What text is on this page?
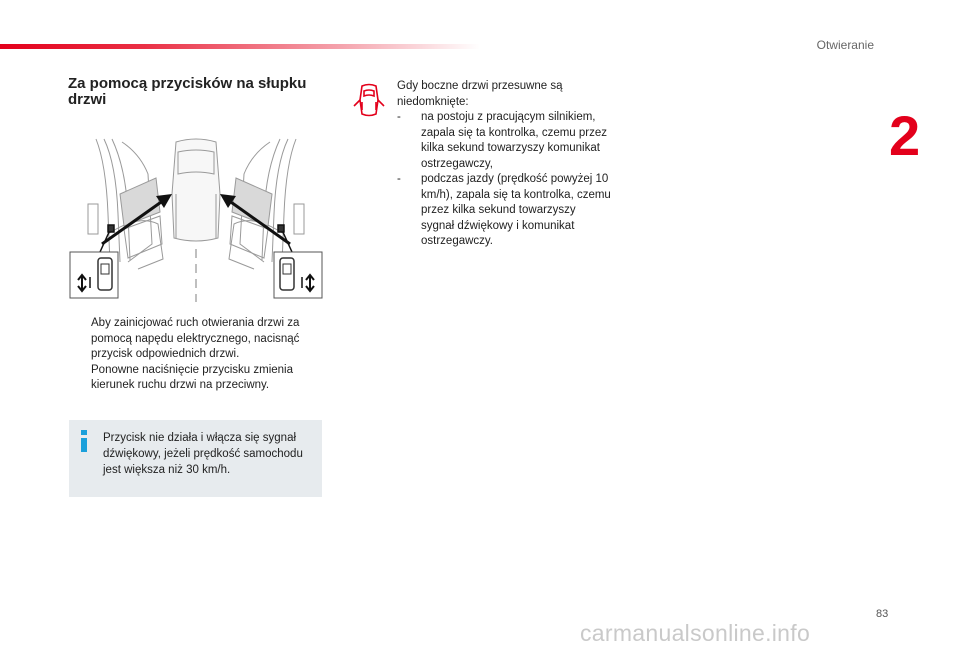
Otwieranie
2
Za pomocą przycisków na słupku drzwi
Aby zainicjować ruch otwierania drzwi za pomocą napędu elektrycznego, nacisnąć przycisk odpowiednich drzwi.
Ponowne naciśnięcie przycisku zmienia kierunek ruchu drzwi na przeciwny.
Przycisk nie działa i włącza się sygnał dźwiękowy, jeżeli prędkość samochodu jest większa niż 30 km/h.
Gdy boczne drzwi przesuwne są niedomknięte:
- na postoju z pracującym silnikiem, zapala się ta kontrolka, czemu przez kilka sekund towarzyszy komunikat ostrzegawczy,
- podczas jazdy (prędkość powyżej 10 km/h), zapala się ta kontrolka, czemu przez kilka sekund towarzyszy sygnał dźwiękowy i komunikat ostrzegawczy.
83
carmanualsonline.info
